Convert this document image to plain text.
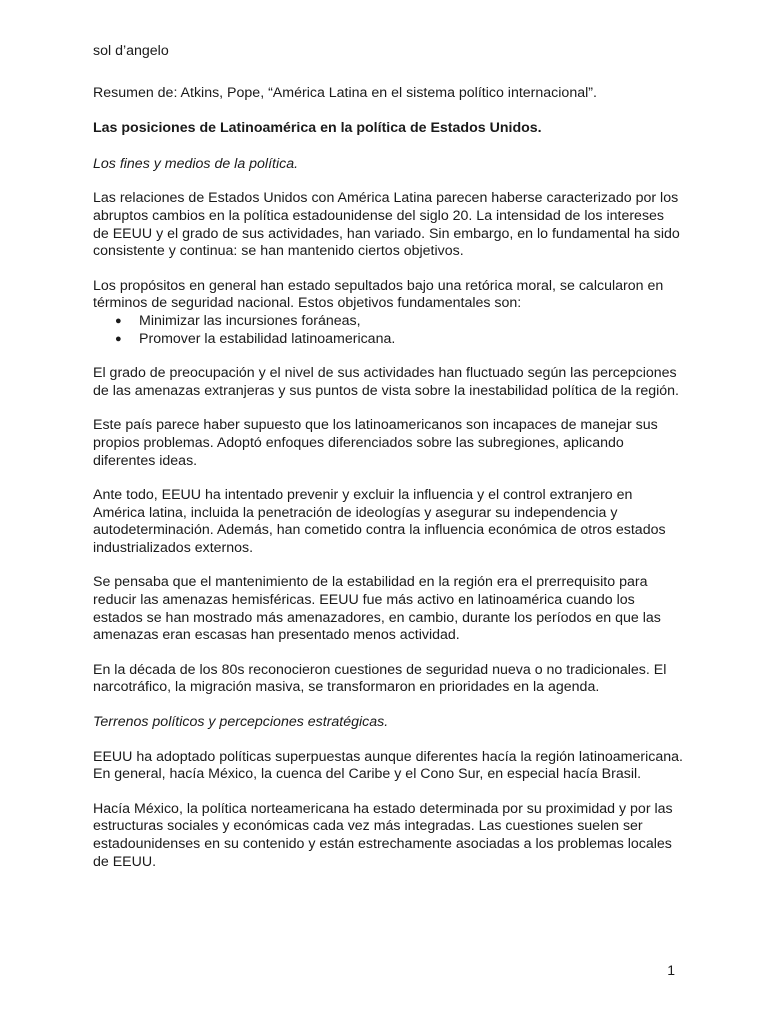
sol d’angelo
Resumen de: Atkins, Pope, “América Latina en el sistema político internacional”.
Las posiciones de Latinoamérica en la política de Estados Unidos.
Los fines y medios de la política.

Las relaciones de Estados Unidos con América Latina parecen haberse caracterizado por los abruptos cambios en la política estadounidense del siglo 20. La intensidad de los intereses de EEUU y el grado de sus actividades, han variado. Sin embargo, en lo fundamental ha sido consistente y continua: se han mantenido ciertos objetivos.

Los propósitos en general han estado sepultados bajo una retórica moral, se calcularon en términos de seguridad nacional. Estos objetivos fundamentales son:
● Minimizar las incursiones foráneas,
● Promover la estabilidad latinoamericana.

El grado de preocupación y el nivel de sus actividades han fluctuado según las percepciones de las amenazas extranjeras y sus puntos de vista sobre la inestabilidad política de la región.

Este país parece haber supuesto que los latinoamericanos son incapaces de manejar sus propios problemas. Adoptó enfoques diferenciados sobre las subregiones, aplicando diferentes ideas.

Ante todo, EEUU ha intentado prevenir y excluir la influencia y el control extranjero en América latina, incluida la penetración de ideologías y asegurar su independencia y autodeterminación. Además, han cometido contra la influencia económica de otros estados industrializados externos.

Se pensaba que el mantenimiento de la estabilidad en la región era el prerrequisito para reducir las amenazas hemisféricas. EEUU fue más activo en latinoamérica cuando los estados se han mostrado más amenazadores, en cambio, durante los períodos en que las amenazas eran escasas han presentado menos actividad.

En la década de los 80s reconocieron cuestiones de seguridad nueva o no tradicionales. El narcotráfico, la migración masiva, se transformaron en prioridades en la agenda.

Terrenos políticos y percepciones estratégicas.

EEUU ha adoptado políticas superpuestas aunque diferentes hacía la región latinoamericana. En general, hacía México, la cuenca del Caribe y el Cono Sur, en especial hacía Brasil.

Hacía México, la política norteamericana ha estado determinada por su proximidad y por las estructuras sociales y económicas cada vez más integradas. Las cuestiones suelen ser estadounidenses en su contenido y están estrechamente asociadas a los problemas locales de EEUU.

1
